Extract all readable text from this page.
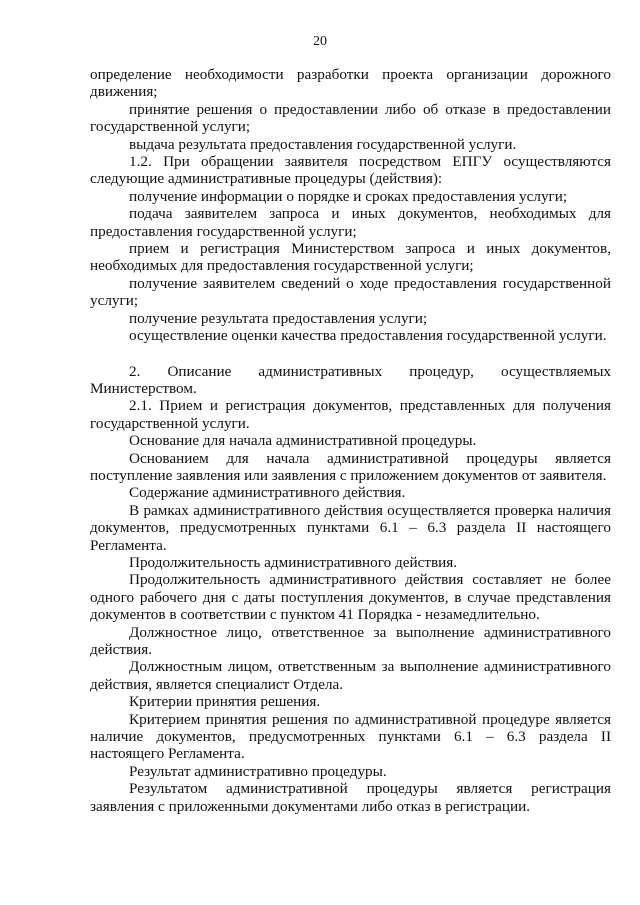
20

определение необходимости разработки проекта организации дорожного движения;

принятие решения о предоставлении либо об отказе в предоставлении государственной услуги;

выдача результата предоставления государственной услуги.

1.2. При обращении заявителя посредством ЕПГУ осуществляются следующие административные процедуры (действия):

получение информации о порядке и сроках предоставления услуги;

подача заявителем запроса и иных документов, необходимых для предоставления государственной услуги;

прием и регистрация Министерством запроса и иных документов, необходимых для предоставления государственной услуги;

получение заявителем сведений о ходе предоставления государственной услуги;

получение результата предоставления услуги;

осуществление оценки качества предоставления государственной услуги.

2. Описание административных процедур, осуществляемых Министерством.

2.1. Прием и регистрация документов, представленных для получения государственной услуги.

Основание для начала административной процедуры.

Основанием для начала административной процедуры является поступление заявления или заявления с приложением документов от заявителя.

Содержание административного действия.

В рамках административного действия осуществляется проверка наличия документов, предусмотренных пунктами 6.1 – 6.3 раздела II настоящего Регламента.

Продолжительность административного действия.

Продолжительность административного действия составляет не более одного рабочего дня с даты поступления документов, в случае представления документов в соответствии с пунктом 41 Порядка - незамедлительно.

Должностное лицо, ответственное за выполнение административного действия.

Должностным лицом, ответственным за выполнение административного действия, является специалист Отдела.

Критерии принятия решения.

Критерием принятия решения по административной процедуре является наличие документов, предусмотренных пунктами 6.1 – 6.3 раздела II настоящего Регламента.

Результат административно процедуры.

Результатом административной процедуры является регистрация заявления с приложенными документами либо отказ в регистрации.
